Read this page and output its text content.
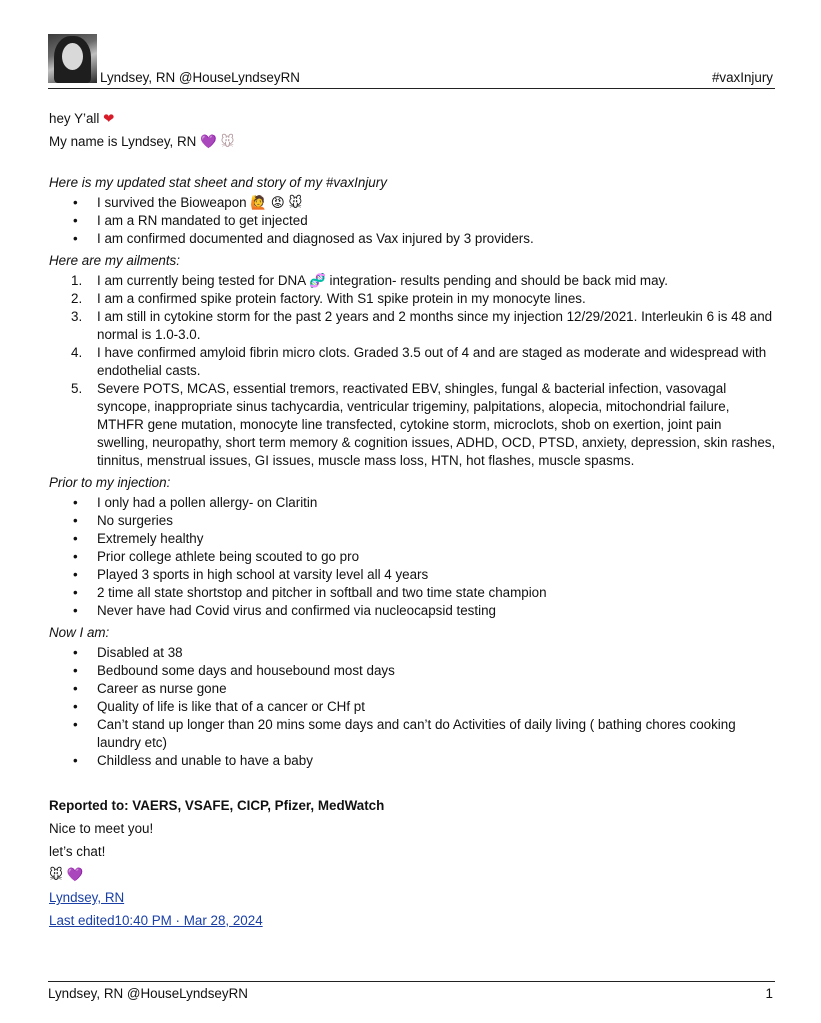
Lyndsey, RN @HouseLyndseyRN	#vaxInjury

hey Y’all ❤

My name is Lyndsey, RN 💜 🐭

Here is my updated stat sheet and story of my #vaxInjury

• I survived the Bioweapon 🙋 😡 🐭
• I am a RN mandated to get injected
• I am confirmed documented and diagnosed as Vax injured by 3 providers.

Here are my ailments:

1. I am currently being tested for DNA 🧬 integration- results pending and should be back mid may.
2. I am a confirmed spike protein factory. With S1 spike protein in my monocyte lines.
3. I am still in cytokine storm for the past 2 years and 2 months since my injection 12/29/2021. Interleukin 6 is 48 and normal is 1.0-3.0.
4. I have confirmed amyloid fibrin micro clots. Graded 3.5 out of 4 and are staged as moderate and widespread with endothelial casts.
5. Severe POTS, MCAS, essential tremors, reactivated EBV, shingles, fungal & bacterial infection, vasovagal syncope, inappropriate sinus tachycardia, ventricular trigeminy, palpitations, alopecia, mitochondrial failure, MTHFR gene mutation, monocyte line transfected, cytokine storm, microclots, shob on exertion, joint pain swelling, neuropathy, short term memory & cognition issues, ADHD, OCD, PTSD, anxiety, depression, skin rashes, tinnitus, menstrual issues, GI issues, muscle mass loss, HTN, hot flashes, muscle spasms.

Prior to my injection:

• I only had a pollen allergy- on Claritin
• No surgeries
• Extremely healthy
• Prior college athlete being scouted to go pro
• Played 3 sports in high school at varsity level all 4 years
• 2 time all state shortstop and pitcher in softball and two time state champion
• Never have had Covid virus and confirmed via nucleocapsid testing

Now I am:

• Disabled at 38
• Bedbound some days and housebound most days
• Career as nurse gone
• Quality of life is like that of a cancer or CHf pt
• Can’t stand up longer than 20 mins some days and can’t do Activities of daily living ( bathing chores cooking laundry etc)
• Childless and unable to have a baby

Reported to: VAERS, VSAFE, CICP, Pfizer, MedWatch

Nice to meet you!

let’s chat!

🐭 💜

Lyndsey, RN

Last edited10:40 PM · Mar 28, 2024

Lyndsey, RN @HouseLyndseyRN	1
